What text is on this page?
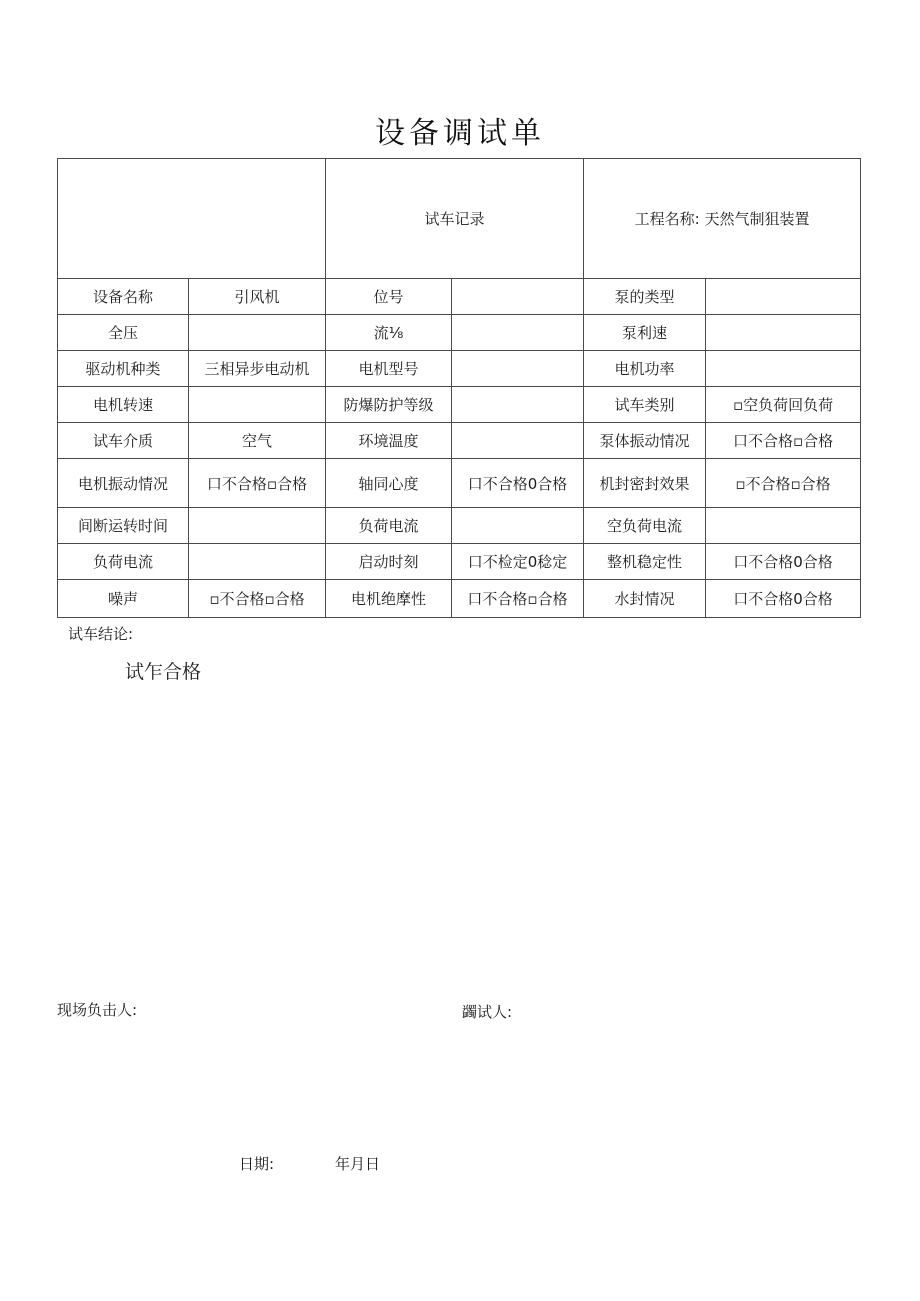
设备调试单
		试车记录		工程名称: 天然气制狙装置	
设备名称	引风机	位号		泵的类型	
全压		流⅛		泵利速	
驱动机种类	三相异步电动机	电机型号		电机功率	
电机转速		防爆防护等级		试车类别	▫空负荷回负荷
试车介质	空气	环境温度		泵体振动情况	口不合格▫合格
电机振动情况	口不合格▫合格	轴同心度	口不合格0合格	机封密封效果	▫不合格▫合格
间断运转时间		负荷电流		空负荷电流	
负荷电流		启动时刻	口不检定0稔定	整机稳定性	口不合格0合格
噪声	▫不合格▫合格	电机绝摩性	口不合格▫合格	水封情况	口不合格0合格
试车结论:
试乍合格
现场负击人:	蠲试人:
日期:	年月日
